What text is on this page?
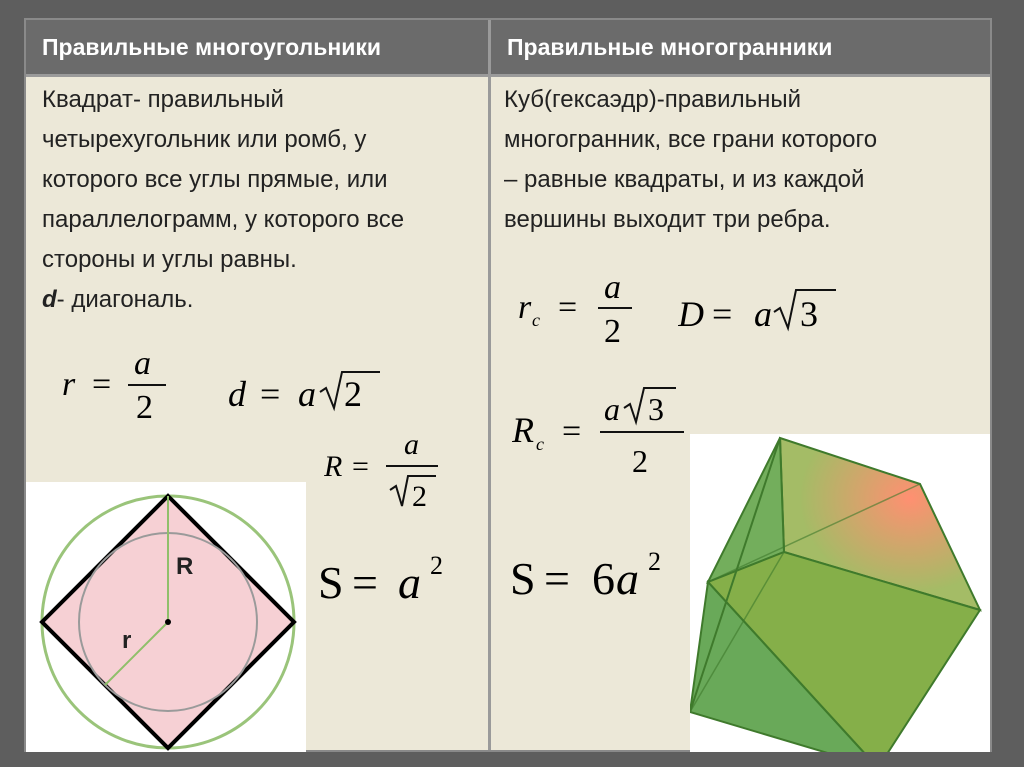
Правильные многоугольники	Правильные многогранники
Квадрат- правильный
четырехугольник или ромб, у
которого все углы прямые, или
параллелограмм, у которого все
стороны и углы равны.
d- диагональ.
Куб(гексаэдр)-правильный
многогранник, все грани которого
– равные квадраты, и из каждой
вершины выходит три ребра.
r =
a
2 d = a 2
R =
a
2
S = a 2
R
r
r c =
a
2 D = a 3
R c =
a 3
2
S = 6 a 2
